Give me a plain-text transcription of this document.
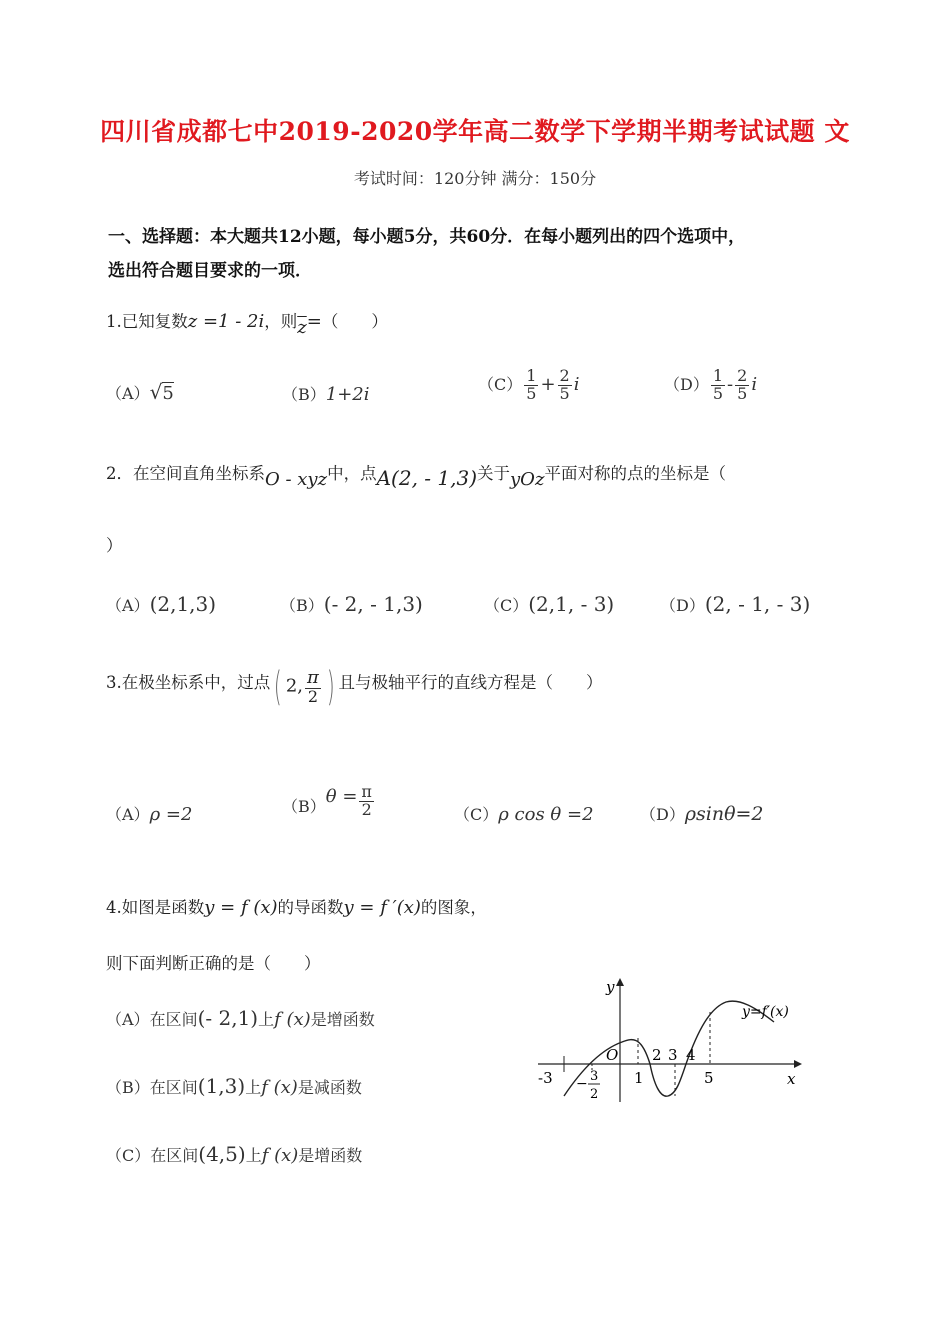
四川省成都七中2019-2020学年高二数学下学期半期考试试题 文
考试时间：120分钟 满分：150分
一、选择题：本大题共12小题，每小题5分，共60分．在每小题列出的四个选项中，
选出符合题目要求的一项．
1.已知复数z =1 - 2i，则$\overline{z}=$（　　）
（A）√5	（B）1+2i	$(C) \frac{1}{5} + \frac{2}{5}$ i	$(D) \frac{1}{5} - \frac{2}{5}$ i
2．在空间直角坐标系O - xyz中，点A(2, - 1,3)关于yOz平面对称的点的坐标是（
）
（A）(2,1,3)	（B）(- 2, - 1,3)	（C）(2,1, - 3)	（D）(2, - 1, - 3)
3.在极坐标系中，过点( 2, $\frac{\pi}{2}$ ) 且与极轴平行的直线方程是（　　）
（A）ρ =2	$(B)\theta = \frac{\pi}{2}$	（C）ρ cos θ =2	（D）ρsinθ=2
4.如图是函数y = f (x)的导函数y = f ′(x)的图象，
则下面判断正确的是（　　）
（A）在区间(- 2,1)上f (x)是增函数
（B）在区间(1,3)上f (x)是减函数
（C）在区间(4,5)上f (x)是增函数
y
x
O
y=f′(x)
-3	1
2 3 4
5
− 3
2
